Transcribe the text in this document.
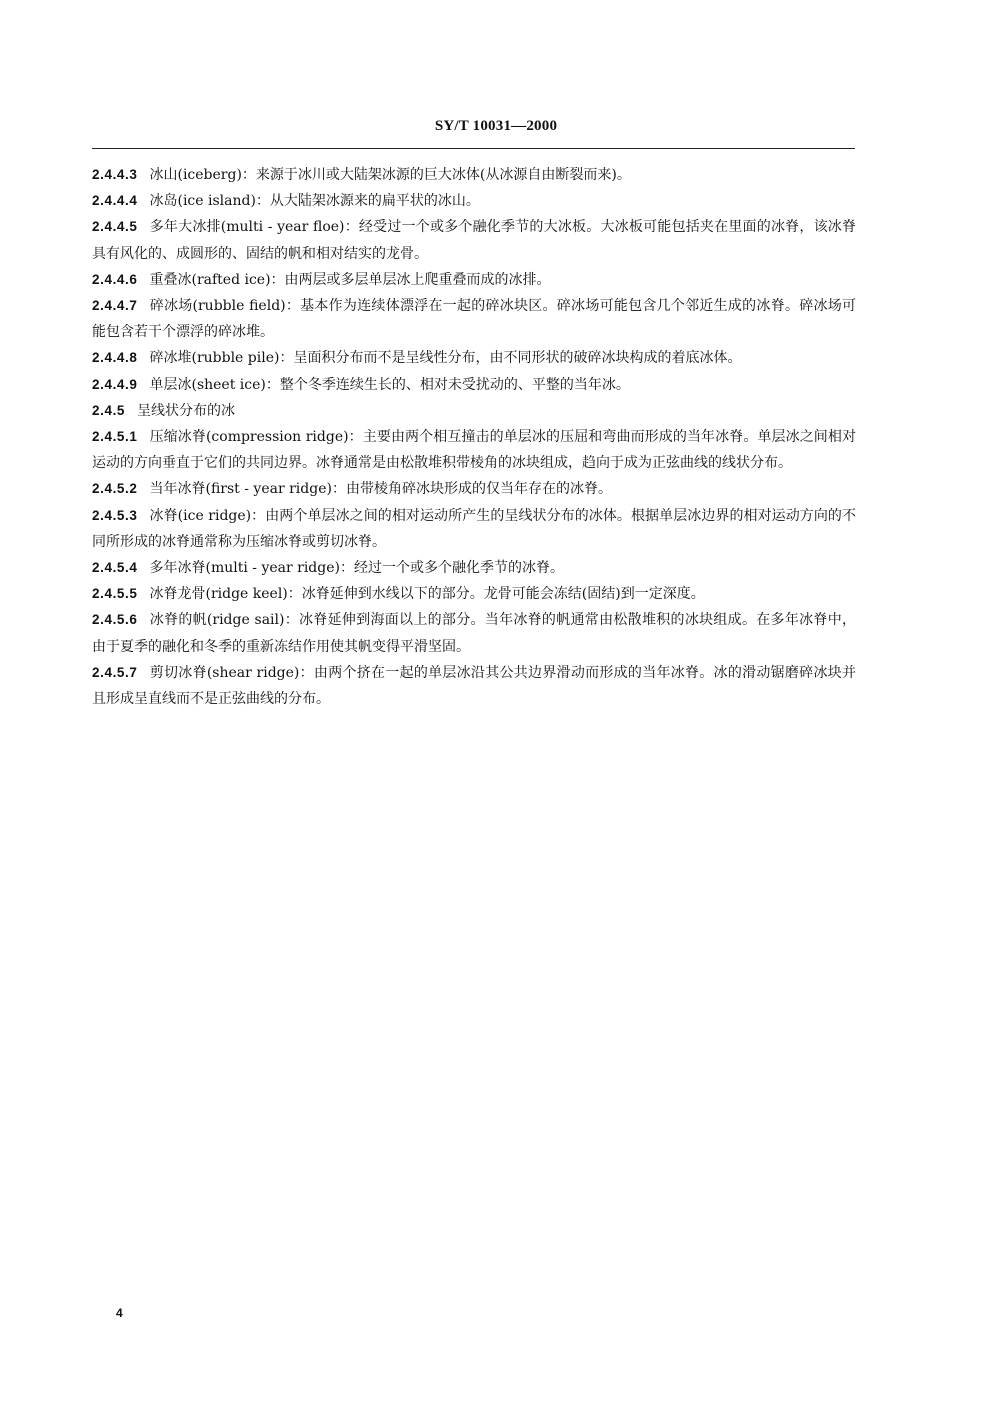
SY/T 10031—2000

2.4.4.3 冰山(iceberg)：来源于冰川或大陆架冰源的巨大冰体(从冰源自由断裂而来)。

2.4.4.4 冰岛(ice island)：从大陆架冰源来的扁平状的冰山。

2.4.4.5 多年大冰排(multi - year floe)：经受过一个或多个融化季节的大冰板。大冰板可能包括夹在里面的冰脊，该冰脊具有风化的、成圆形的、固结的帆和相对结实的龙骨。

2.4.4.6 重叠冰(rafted ice)：由两层或多层单层冰上爬重叠而成的冰排。

2.4.4.7 碎冰场(rubble field)：基本作为连续体漂浮在一起的碎冰块区。碎冰场可能包含几个邻近生成的冰脊。碎冰场可能包含若干个漂浮的碎冰堆。

2.4.4.8 碎冰堆(rubble pile)：呈面积分布而不是呈线性分布，由不同形状的破碎冰块构成的着底冰体。

2.4.4.9 单层冰(sheet ice)：整个冬季连续生长的、相对未受扰动的、平整的当年冰。

2.4.5 呈线状分布的冰

2.4.5.1 压缩冰脊(compression ridge)：主要由两个相互撞击的单层冰的压屈和弯曲而形成的当年冰脊。单层冰之间相对运动的方向垂直于它们的共同边界。冰脊通常是由松散堆积带棱角的冰块组成，趋向于成为正弦曲线的线状分布。

2.4.5.2 当年冰脊(first - year ridge)：由带棱角碎冰块形成的仅当年存在的冰脊。

2.4.5.3 冰脊(ice ridge)：由两个单层冰之间的相对运动所产生的呈线状分布的冰体。根据单层冰边界的相对运动方向的不同所形成的冰脊通常称为压缩冰脊或剪切冰脊。

2.4.5.4 多年冰脊(multi - year ridge)：经过一个或多个融化季节的冰脊。

2.4.5.5 冰脊龙骨(ridge keel)：冰脊延伸到水线以下的部分。龙骨可能会冻结(固结)到一定深度。

2.4.5.6 冰脊的帆(ridge sail)：冰脊延伸到海面以上的部分。当年冰脊的帆通常由松散堆积的冰块组成。在多年冰脊中，由于夏季的融化和冬季的重新冻结作用使其帆变得平滑坚固。

2.4.5.7 剪切冰脊(shear ridge)：由两个挤在一起的单层冰沿其公共边界滑动而形成的当年冰脊。冰的滑动锯磨碎冰块并且形成呈直线而不是正弦曲线的分布。

4
